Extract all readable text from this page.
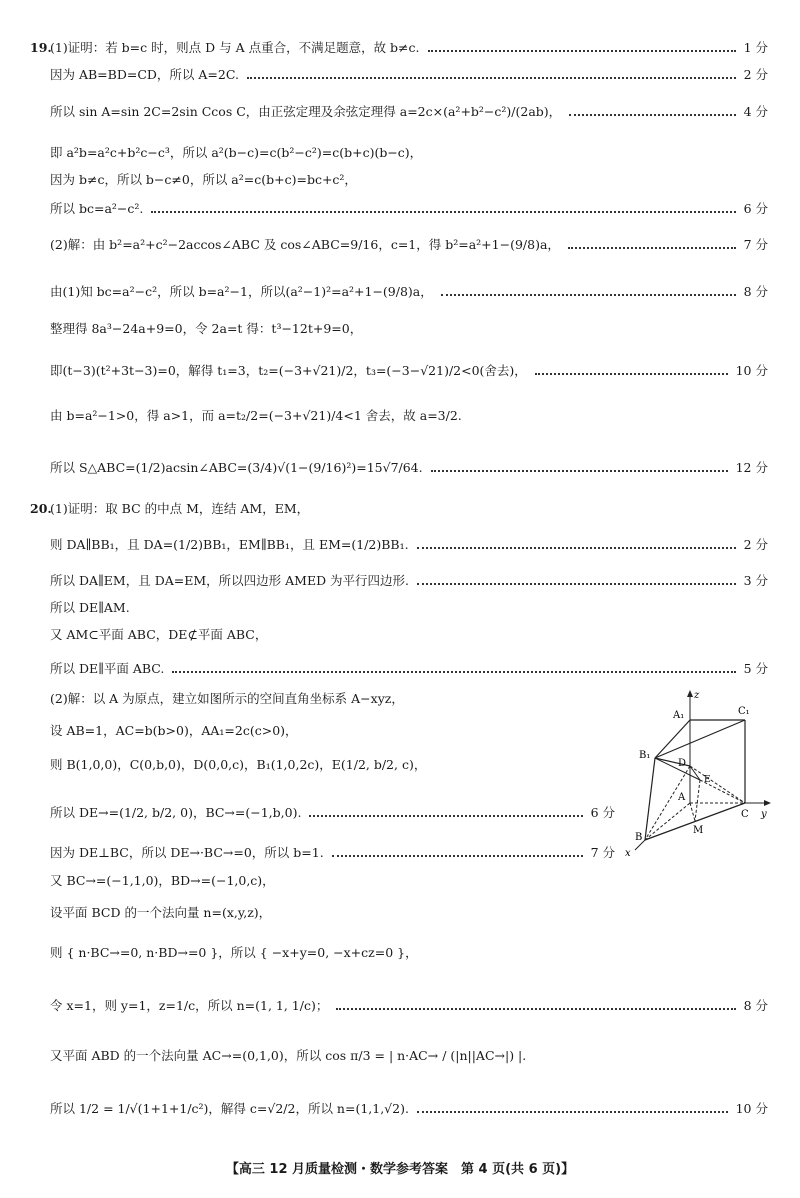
19.
(1)证明：若 b=c 时，则点 D 与 A 点重合，不满足题意，故 b≠c.	1 分
因为 AB=BD=CD，所以 A=2C.	2 分
所以 sin A=sin 2C=2sin Ccos C，由正弦定理及余弦定理得 a=2c×(a²+b²−c²)/(2ab)，	4 分
即 a²b=a²c+b²c−c³，所以 a²(b−c)=c(b²−c²)=c(b+c)(b−c)，
因为 b≠c，所以 b−c≠0，所以 a²=c(b+c)=bc+c²，
所以 bc=a²−c².	6 分
(2)解：由 b²=a²+c²−2accos∠ABC 及 cos∠ABC=9/16，c=1，得 b²=a²+1−(9/8)a，	7 分
由(1)知 bc=a²−c²，所以 b=a²−1，所以(a²−1)²=a²+1−(9/8)a，	8 分
整理得 8a³−24a+9=0，令 2a=t 得：t³−12t+9=0，
即(t−3)(t²+3t−3)=0，解得 t₁=3，t₂=(−3+√21)/2，t₃=(−3−√21)/2<0(舍去)，	10 分
由 b=a²−1>0，得 a>1，而 a=t₂/2=(−3+√21)/4<1 舍去，故 a=3/2.
所以 S△ABC=(1/2)acsin∠ABC=(3/4)√(1−(9/16)²)=15√7/64.	12 分
20.
(1)证明：取 BC 的中点 M，连结 AM，EM，
则 DA∥BB₁，且 DA=(1/2)BB₁，EM∥BB₁，且 EM=(1/2)BB₁.	2 分
所以 DA∥EM，且 DA=EM，所以四边形 AMED 为平行四边形.	3 分
所以 DE∥AM.
又 AM⊂平面 ABC，DE⊄平面 ABC，
所以 DE∥平面 ABC.	5 分
(2)解：以 A 为原点，建立如图所示的空间直角坐标系 A−xyz，
设 AB=1，AC=b(b>0)，AA₁=2c(c>0)，
则 B(1,0,0)，C(0,b,0)，D(0,0,c)，B₁(1,0,2c)，E(1/2, b/2, c)，
所以 DE→=(1/2, b/2, 0)，BC→=(−1,b,0).	6 分
因为 DE⊥BC，所以 DE→·BC→=0，所以 b=1.	7 分
又 BC→=(−1,1,0)，BD→=(−1,0,c)，
设平面 BCD 的一个法向量 n=(x,y,z)，
则 { n·BC→=0, n·BD→=0 }，所以 { −x+y=0, −x+cz=0 }，
令 x=1，则 y=1，z=1/c，所以 n=(1, 1, 1/c)；	8 分
又平面 ABD 的一个法向量 AC→=(0,1,0)，所以 cos π/3 = | n·AC→ / (|n||AC→|) |.
所以 1/2 = 1/√(1+1+1/c²)，解得 c=√2/2，所以 n=(1,1,√2).	10 分
z
A₁	C₁
B₁
D
E
A
C y
M
B
x
【高三 12 月质量检测・数学参考答案　第 4 页(共 6 页)】
